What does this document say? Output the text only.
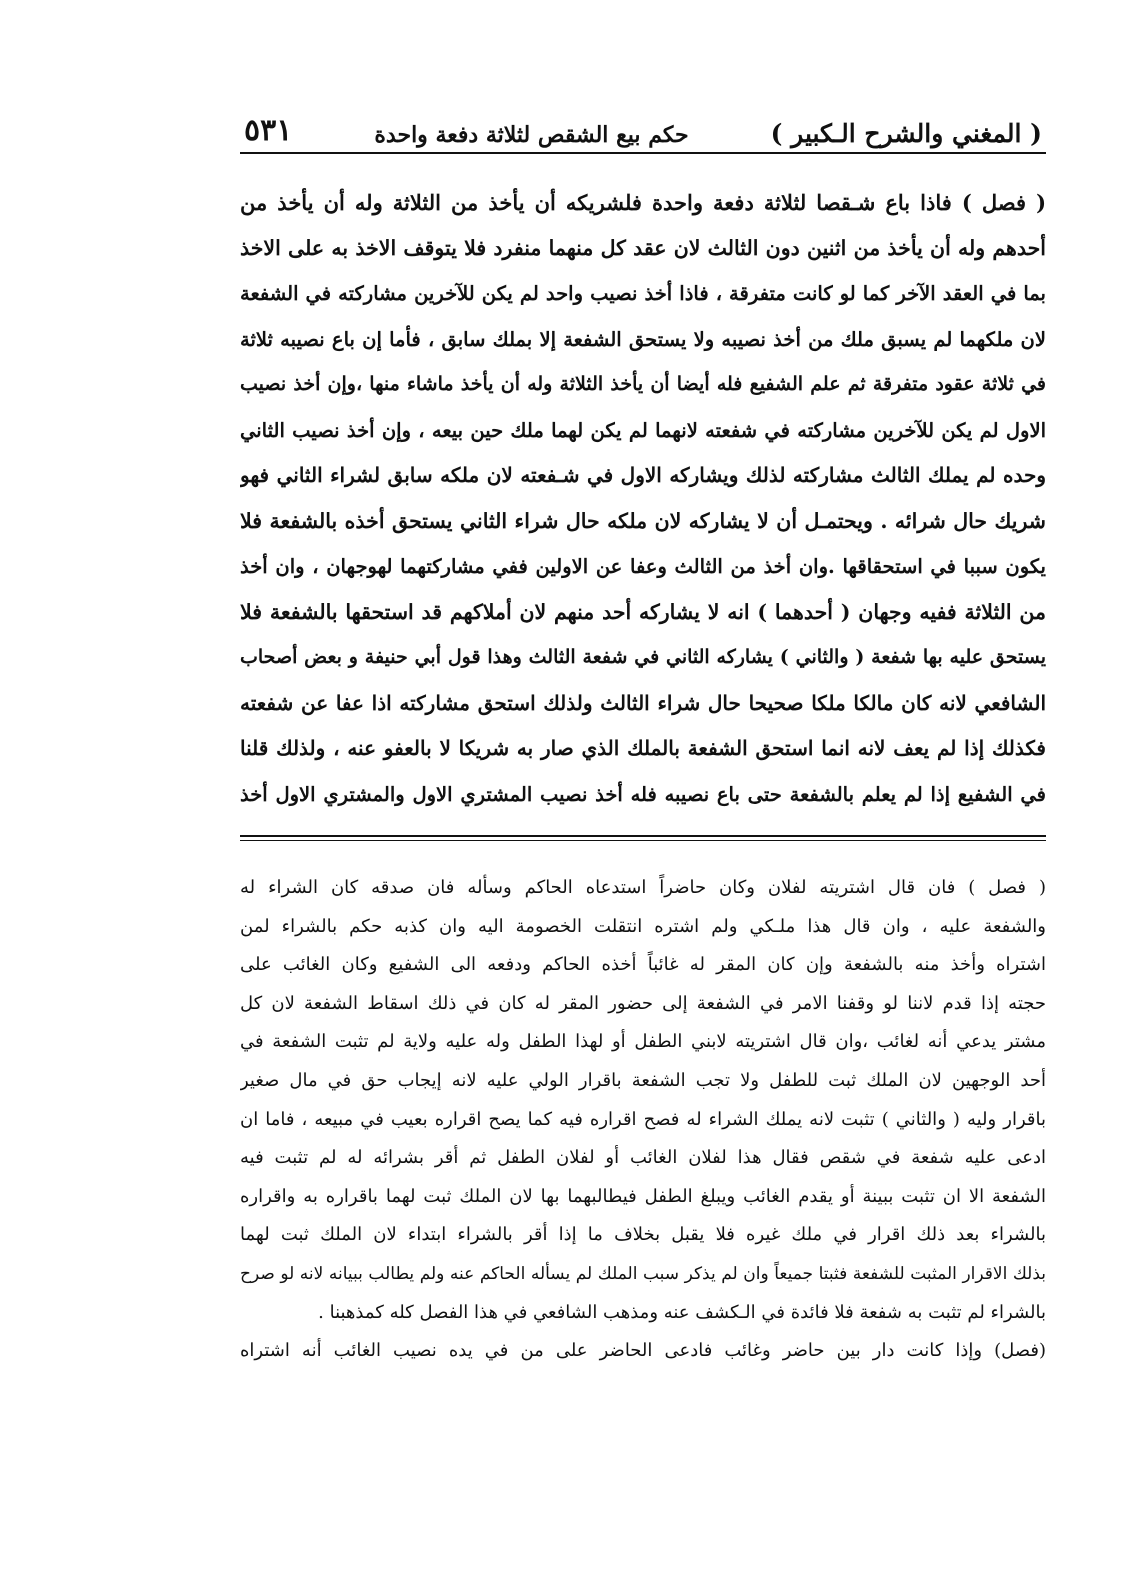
( المغني والشرح الـكبير )
حكم بيع الشقص لثلاثة دفعة واحدة
٥٣١
( فصل ) فاذا باع شـقصا لثلاثة دفعة واحدة فلشريكه أن يأخذ من الثلاثة وله أن يأخذ من
أحدهم وله أن يأخذ من اثنين دون الثالث لان عقد كل منهما منفرد فلا يتوقف الاخذ به على الاخذ
بما في العقد الآخر كما لو كانت متفرقة ، فاذا أخذ نصيب واحد لم يكن للآخرين مشاركته في الشفعة
لان ملكهما لم يسبق ملك من أخذ نصيبه ولا يستحق الشفعة إلا بملك سابق ، فأما إن باع نصيبه ثلاثة
في ثلاثة عقود متفرقة ثم علم الشفيع فله أيضا أن يأخذ الثلاثة وله أن يأخذ ماشاء منها ،وإن أخذ نصيب
الاول لم يكن للآخرين مشاركته في شفعته لانهما لم يكن لهما ملك حين بيعه ، وإن أخذ نصيب الثاني
وحده لم يملك الثالث مشاركته لذلك ويشاركه الاول في شـفعته لان ملكه سابق لشراء الثاني فهو
شريك حال شرائه . ويحتمـل أن لا يشاركه لان ملكه حال شراء الثاني يستحق أخذه بالشفعة فلا
يكون سببا في استحقاقها .وان أخذ من الثالث وعفا عن الاولين ففي مشاركتهما لهوجهان ، وان أخذ
من الثلاثة ففيه وجهان ( أحدهما ) انه لا يشاركه أحد منهم لان أملاكهم قد استحقها بالشفعة فلا
يستحق عليه بها شفعة ( والثاني ) يشاركه الثاني في شفعة الثالث وهذا قول أبي حنيفة و بعض أصحاب
الشافعي لانه كان مالكا ملكا صحيحا حال شراء الثالث ولذلك استحق مشاركته اذا عفا عن شفعته
فكذلك إذا لم يعف لانه انما استحق الشفعة بالملك الذي صار به شريكا لا بالعفو عنه ، ولذلك قلنا
في الشفيع إذا لم يعلم بالشفعة حتى باع نصيبه فله أخذ نصيب المشتري الاول والمشتري الاول أخذ
( فصل ) فان قال اشتريته لفلان وكان حاضراً استدعاه الحاكم وسأله فان صدقه كان الشراء له
والشفعة عليه ، وان قال هذا ملـكي ولم اشتره انتقلت الخصومة اليه وان كذبه حكم بالشراء لمن
اشتراه وأخذ منه بالشفعة وإن كان المقر له غائباً أخذه الحاكم ودفعه الى الشفيع وكان الغائب على
حجته إذا قدم لاننا لو وقفنا الامر في الشفعة إلى حضور المقر له كان في ذلك اسقاط الشفعة لان كل
مشتر يدعي أنه لغائب ،وان قال اشتريته لابني الطفل أو لهذا الطفل وله عليه ولاية لم تثبت الشفعة في
أحد الوجهين لان الملك ثبت للطفل ولا تجب الشفعة باقرار الولي عليه لانه إيجاب حق في مال صغير
باقرار وليه ( والثاني ) تثبت لانه يملك الشراء له فصح اقراره فيه كما يصح اقراره بعيب في مبيعه ، فاما ان
ادعى عليه شفعة في شقص فقال هذا لفلان الغائب أو لفلان الطفل ثم أقر بشرائه له لم تثبت فيه
الشفعة الا ان تثبت ببينة أو يقدم الغائب ويبلغ الطفل فيطالبهما بها لان الملك ثبت لهما باقراره به واقراره
بالشراء بعد ذلك اقرار في ملك غيره فلا يقبل بخلاف ما إذا أقر بالشراء ابتداء لان الملك ثبت لهما
بذلك الاقرار المثبت للشفعة فثبتا جميعاً وان لم يذكر سبب الملك لم يسأله الحاكم عنه ولم يطالب ببيانه لانه لو صرح
بالشراء لم تثبت به شفعة فلا فائدة في الـكشف عنه ومذهب الشافعي في هذا الفصل كله كمذهبنا .
(فصل) وإذا كانت دار بين حاضر وغائب فادعى الحاضر على من في يده نصيب الغائب أنه اشتراه
